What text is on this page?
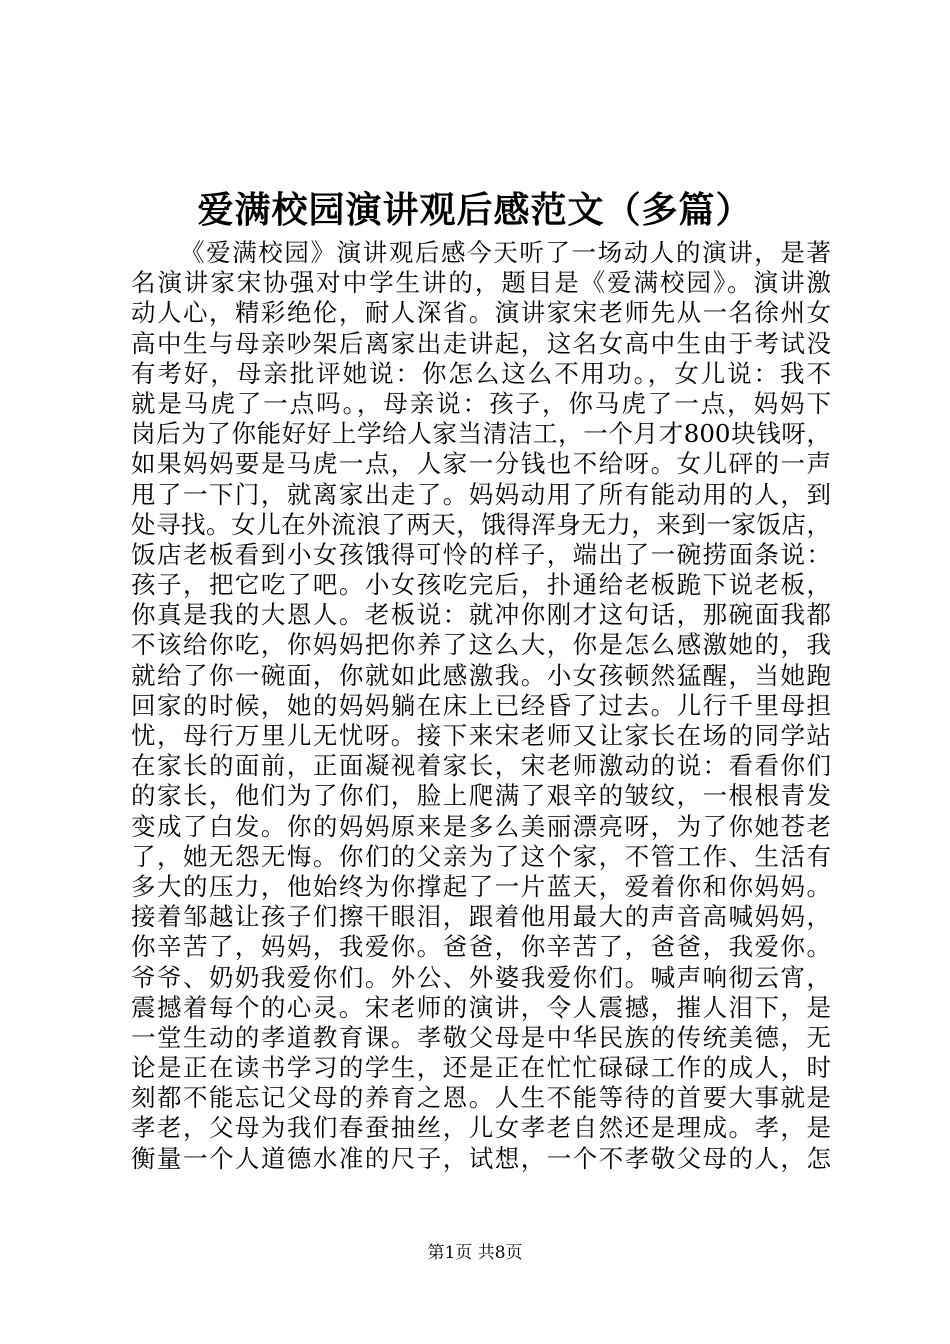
爱满校园演讲观后感范文（多篇）
《爱满校园》演讲观后感今天听了一场动人的演讲，是著
名演讲家宋协强对中学生讲的，题目是《爱满校园》。演讲激
动人心，精彩绝伦，耐人深省。演讲家宋老师先从一名徐州女
高中生与母亲吵架后离家出走讲起，这名女高中生由于考试没
有考好，母亲批评她说：你怎么这么不用功。，女儿说：我不
就是马虎了一点吗。，母亲说：孩子，你马虎了一点，妈妈下
岗后为了你能好好上学给人家当清洁工，一个月才800块钱呀，
如果妈妈要是马虎一点，人家一分钱也不给呀。女儿砰的一声
甩了一下门，就离家出走了。妈妈动用了所有能动用的人，到
处寻找。女儿在外流浪了两天，饿得浑身无力，来到一家饭店，
饭店老板看到小女孩饿得可怜的样子，端出了一碗捞面条说：
孩子，把它吃了吧。小女孩吃完后，扑通给老板跪下说老板，
你真是我的大恩人。老板说：就冲你刚才这句话，那碗面我都
不该给你吃，你妈妈把你养了这么大，你是怎么感激她的，我
就给了你一碗面，你就如此感激我。小女孩顿然猛醒，当她跑
回家的时候，她的妈妈躺在床上已经昏了过去。儿行千里母担
忧，母行万里儿无忧呀。接下来宋老师又让家长在场的同学站
在家长的面前，正面凝视着家长，宋老师激动的说：看看你们
的家长，他们为了你们，脸上爬满了艰辛的皱纹，一根根青发
变成了白发。你的妈妈原来是多么美丽漂亮呀，为了你她苍老
了，她无怨无悔。你们的父亲为了这个家，不管工作、生活有
多大的压力，他始终为你撑起了一片蓝天，爱着你和你妈妈。
接着邹越让孩子们擦干眼泪，跟着他用最大的声音高喊妈妈，
你辛苦了，妈妈，我爱你。爸爸，你辛苦了，爸爸，我爱你。
爷爷、奶奶我爱你们。外公、外婆我爱你们。喊声响彻云宵，
震撼着每个的心灵。宋老师的演讲，令人震撼，摧人泪下，是
一堂生动的孝道教育课。孝敬父母是中华民族的传统美德，无
论是正在读书学习的学生，还是正在忙忙碌碌工作的成人，时
刻都不能忘记父母的养育之恩。人生不能等待的首要大事就是
孝老，父母为我们春蚕抽丝，儿女孝老自然还是理成。孝，是
衡量一个人道德水准的尺子，试想，一个不孝敬父母的人，怎
第1页 共8页
